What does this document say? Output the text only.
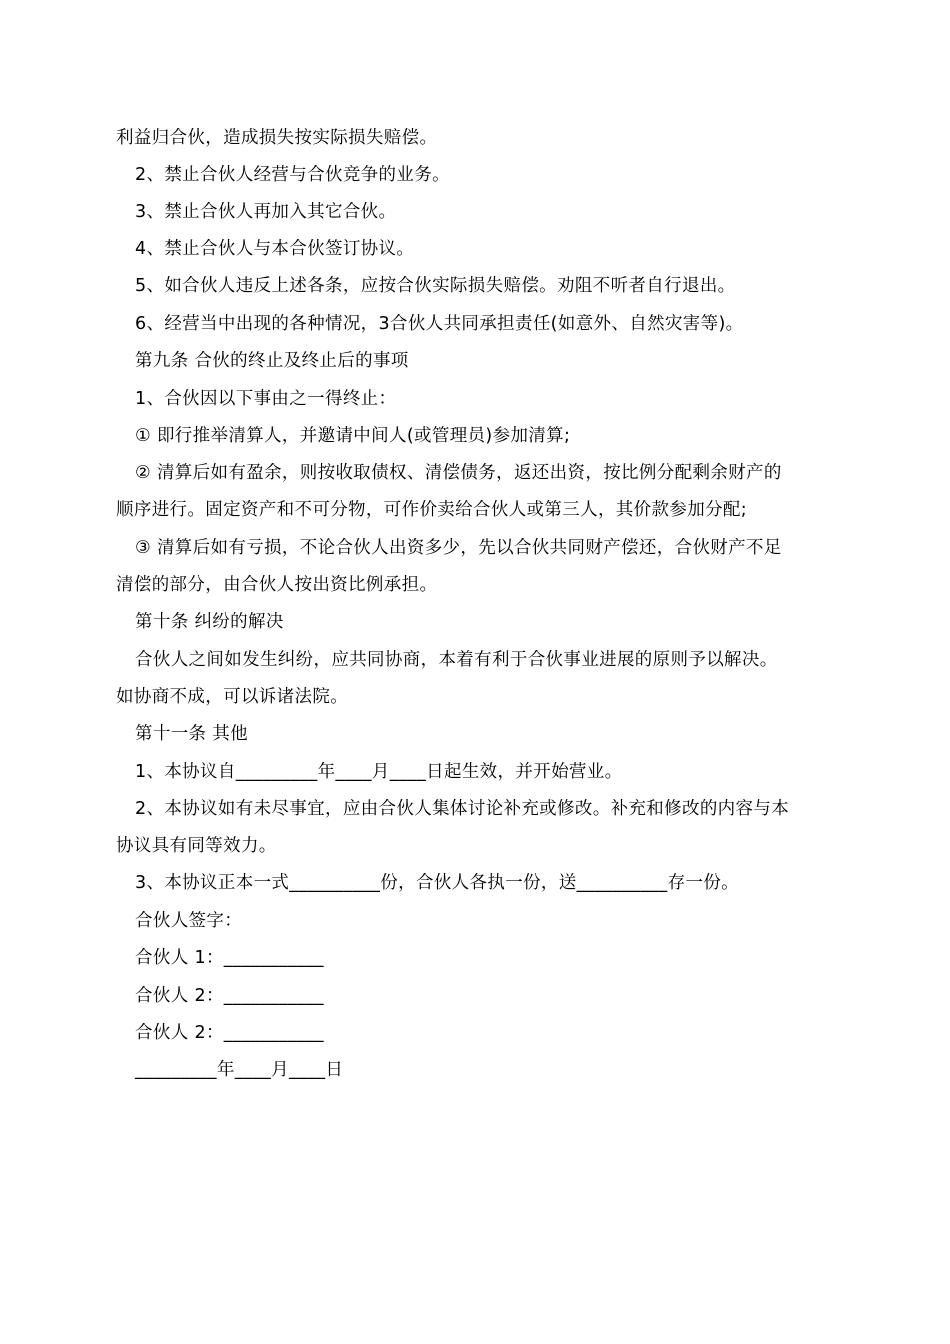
利益归合伙，造成损失按实际损失赔偿。
2、禁止合伙人经营与合伙竞争的业务。
3、禁止合伙人再加入其它合伙。
4、禁止合伙人与本合伙签订协议。
5、如合伙人违反上述各条，应按合伙实际损失赔偿。劝阻不听者自行退出。
6、经营当中出现的各种情况，3合伙人共同承担责任(如意外、自然灾害等)。
第九条 合伙的终止及终止后的事项
1、合伙因以下事由之一得终止：
① 即行推举清算人，并邀请中间人(或管理员)参加清算;
② 清算后如有盈余，则按收取债权、清偿债务，返还出资，按比例分配剩余财产的
顺序进行。固定资产和不可分物，可作价卖给合伙人或第三人，其价款参加分配;
③ 清算后如有亏损，不论合伙人出资多少，先以合伙共同财产偿还，合伙财产不足
清偿的部分，由合伙人按出资比例承担。
第十条 纠纷的解决
合伙人之间如发生纠纷，应共同协商，本着有利于合伙事业进展的原则予以解决。
如协商不成，可以诉诸法院。
第十一条 其他
1、本协议自_________年____月____日起生效，并开始营业。
2、本协议如有未尽事宜，应由合伙人集体讨论补充或修改。补充和修改的内容与本
协议具有同等效力。
3、本协议正本一式__________份，合伙人各执一份，送__________存一份。
合伙人签字：
合伙人 1：___________
合伙人 2：___________
合伙人 2：___________
_________年____月____日
